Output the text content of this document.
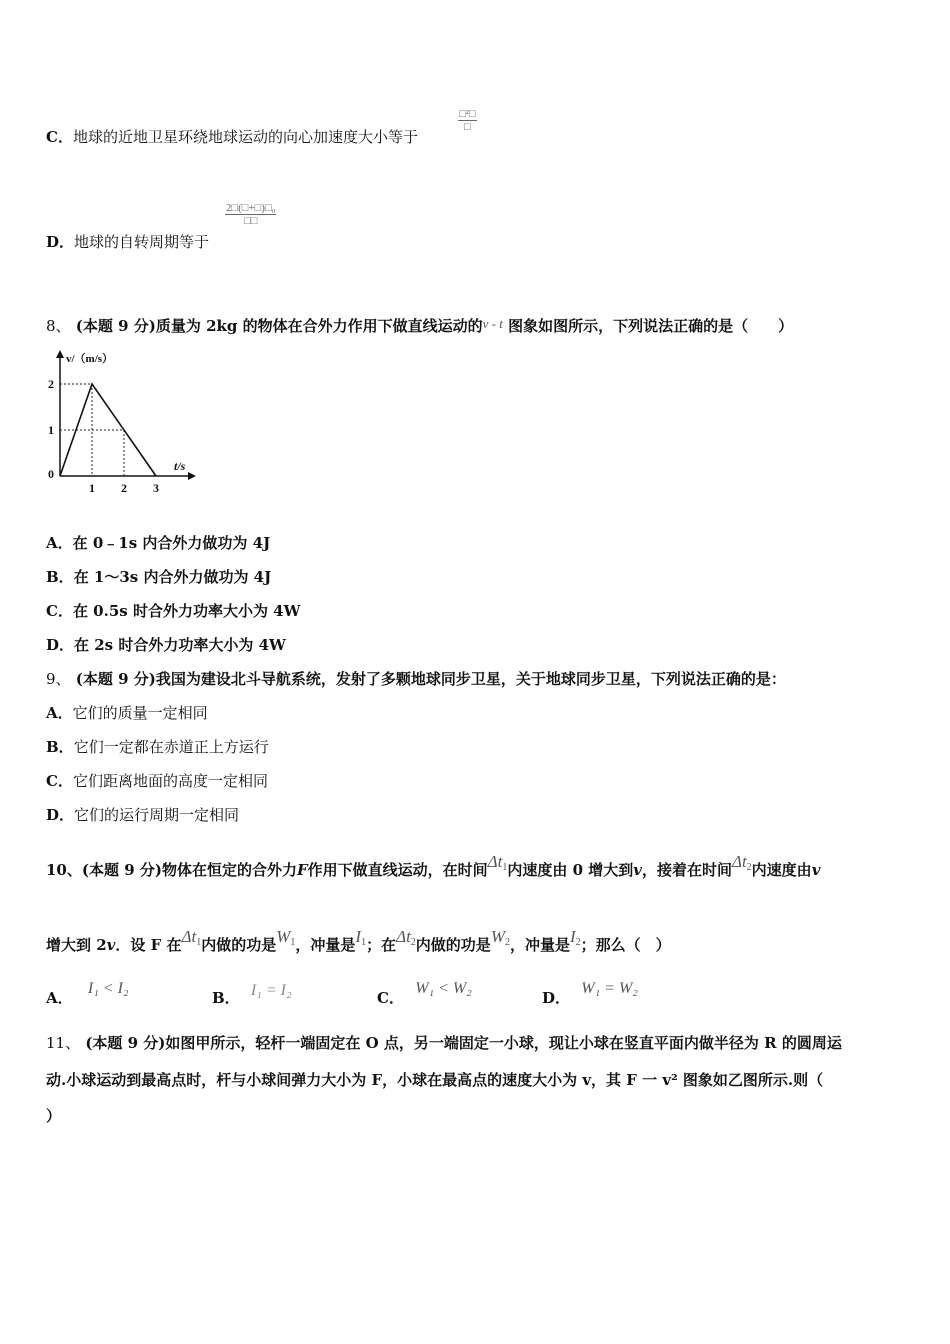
C．地球的近地卫星环绕地球运动的向心加速度大小等于
□²□
□
D．地球的自转周期等于
2□(□+□)□₀
□□
8、 (本题 9 分)质量为 2kg 的物体在合外力作用下做直线运动的v - t 图象如图所示，下列说法正确的是（　　）
1 2 3
2
1
0
t/s
v/（m/s）
A．在 0﹣1s 内合外力做功为 4J
B．在 1～3s 内合外力做功为 4J
C．在 0.5s 时合外力功率大小为 4W
D．在 2s 时合外力功率大小为 4W
9、 (本题 9 分)我国为建设北斗导航系统，发射了多颗地球同步卫星，关于地球同步卫星，下列说法正确的是：
A．它们的质量一定相同
B．它们一定都在赤道正上方运行
C．它们距离地面的高度一定相同
D．它们的运行周期一定相同
10、(本题 9 分)物体在恒定的合外力F作用下做直线运动，在时间$\Delta t_1$内速度由 0 增大到v，接着在时间$\Delta t_2$内速度由v
增大到 2v．设 F 在$\Delta t_1$内做的功是$W_1$，冲量是$I_1$；在$\Delta t_2$内做的功是$W_2$，冲量是$I_2$；那么（　）
A． I₁ < I₂
B． I₁ = I₂	C． W₁ < W₂
D． W₁ = W₂
11、 (本题 9 分)如图甲所示，轻杆一端固定在 O 点，另一端固定一小球，现让小球在竖直平面内做半径为 R 的圆周运
动.小球运动到最高点时，杆与小球间弹力大小为 F，小球在最高点的速度大小为 v，其 F 一 v² 图象如乙图所示.则（
）
